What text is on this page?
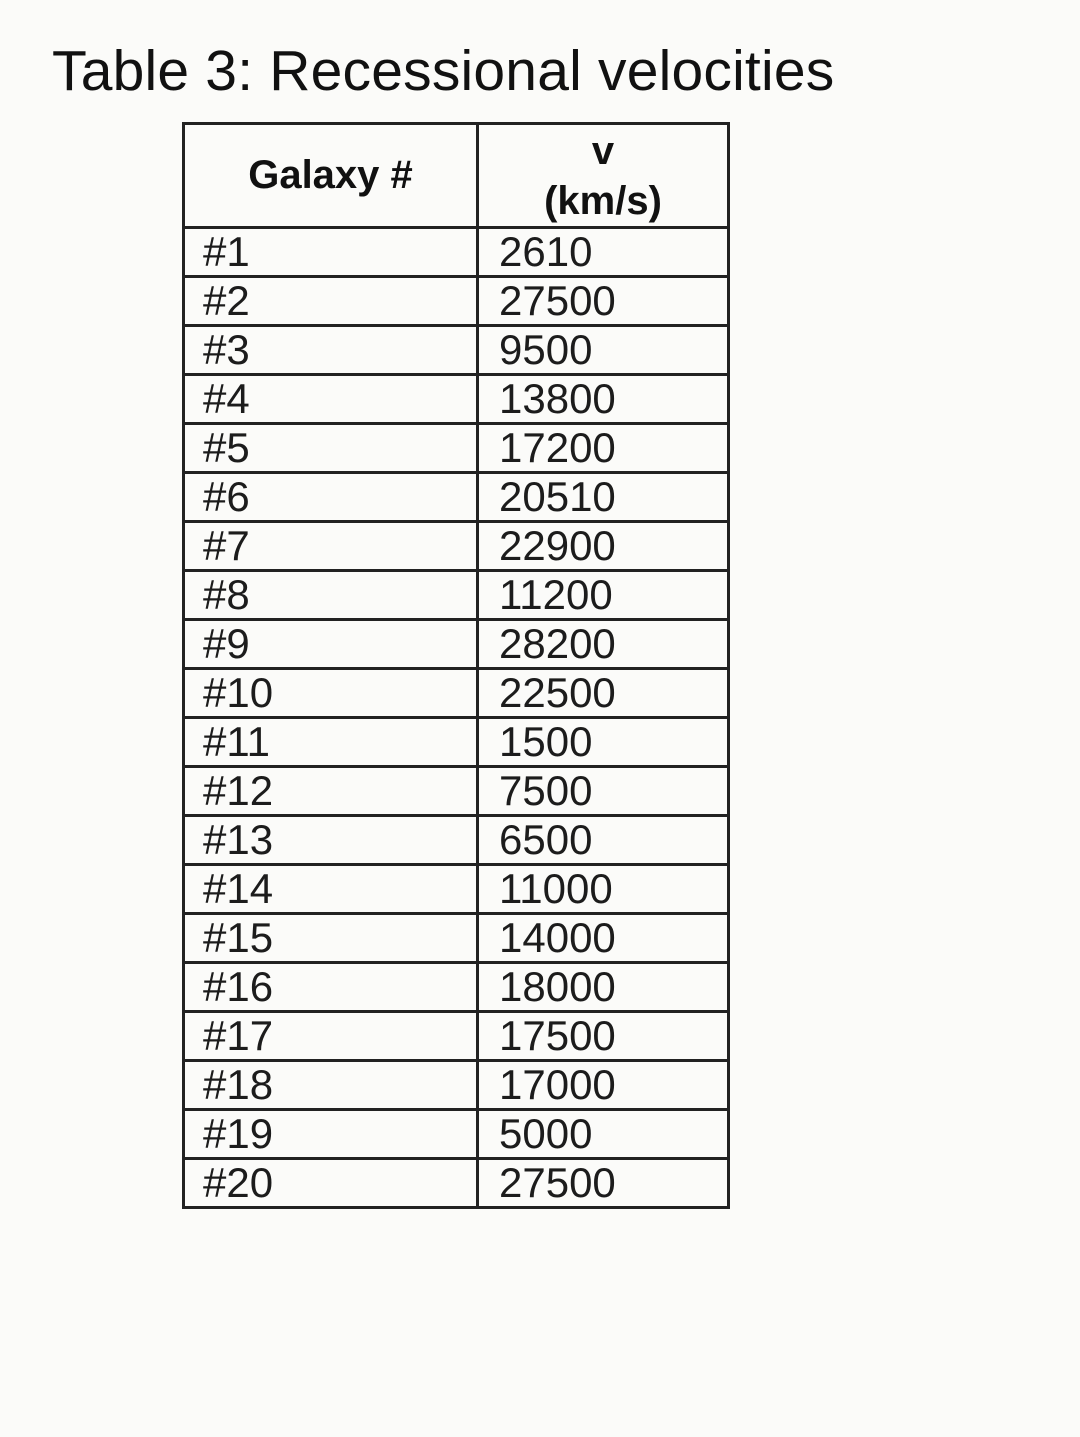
Table 3: Recessional velocities
Galaxy #	v
(km/s)

#1	2610
#2	27500
#3	9500
#4	13800
#5	17200
#6	20510
#7	22900
#8	11200
#9	28200
#10	22500
#11	1500
#12	7500
#13	6500
#14	11000
#15	14000
#16	18000
#17	17500
#18	17000
#19	5000
#20	27500
